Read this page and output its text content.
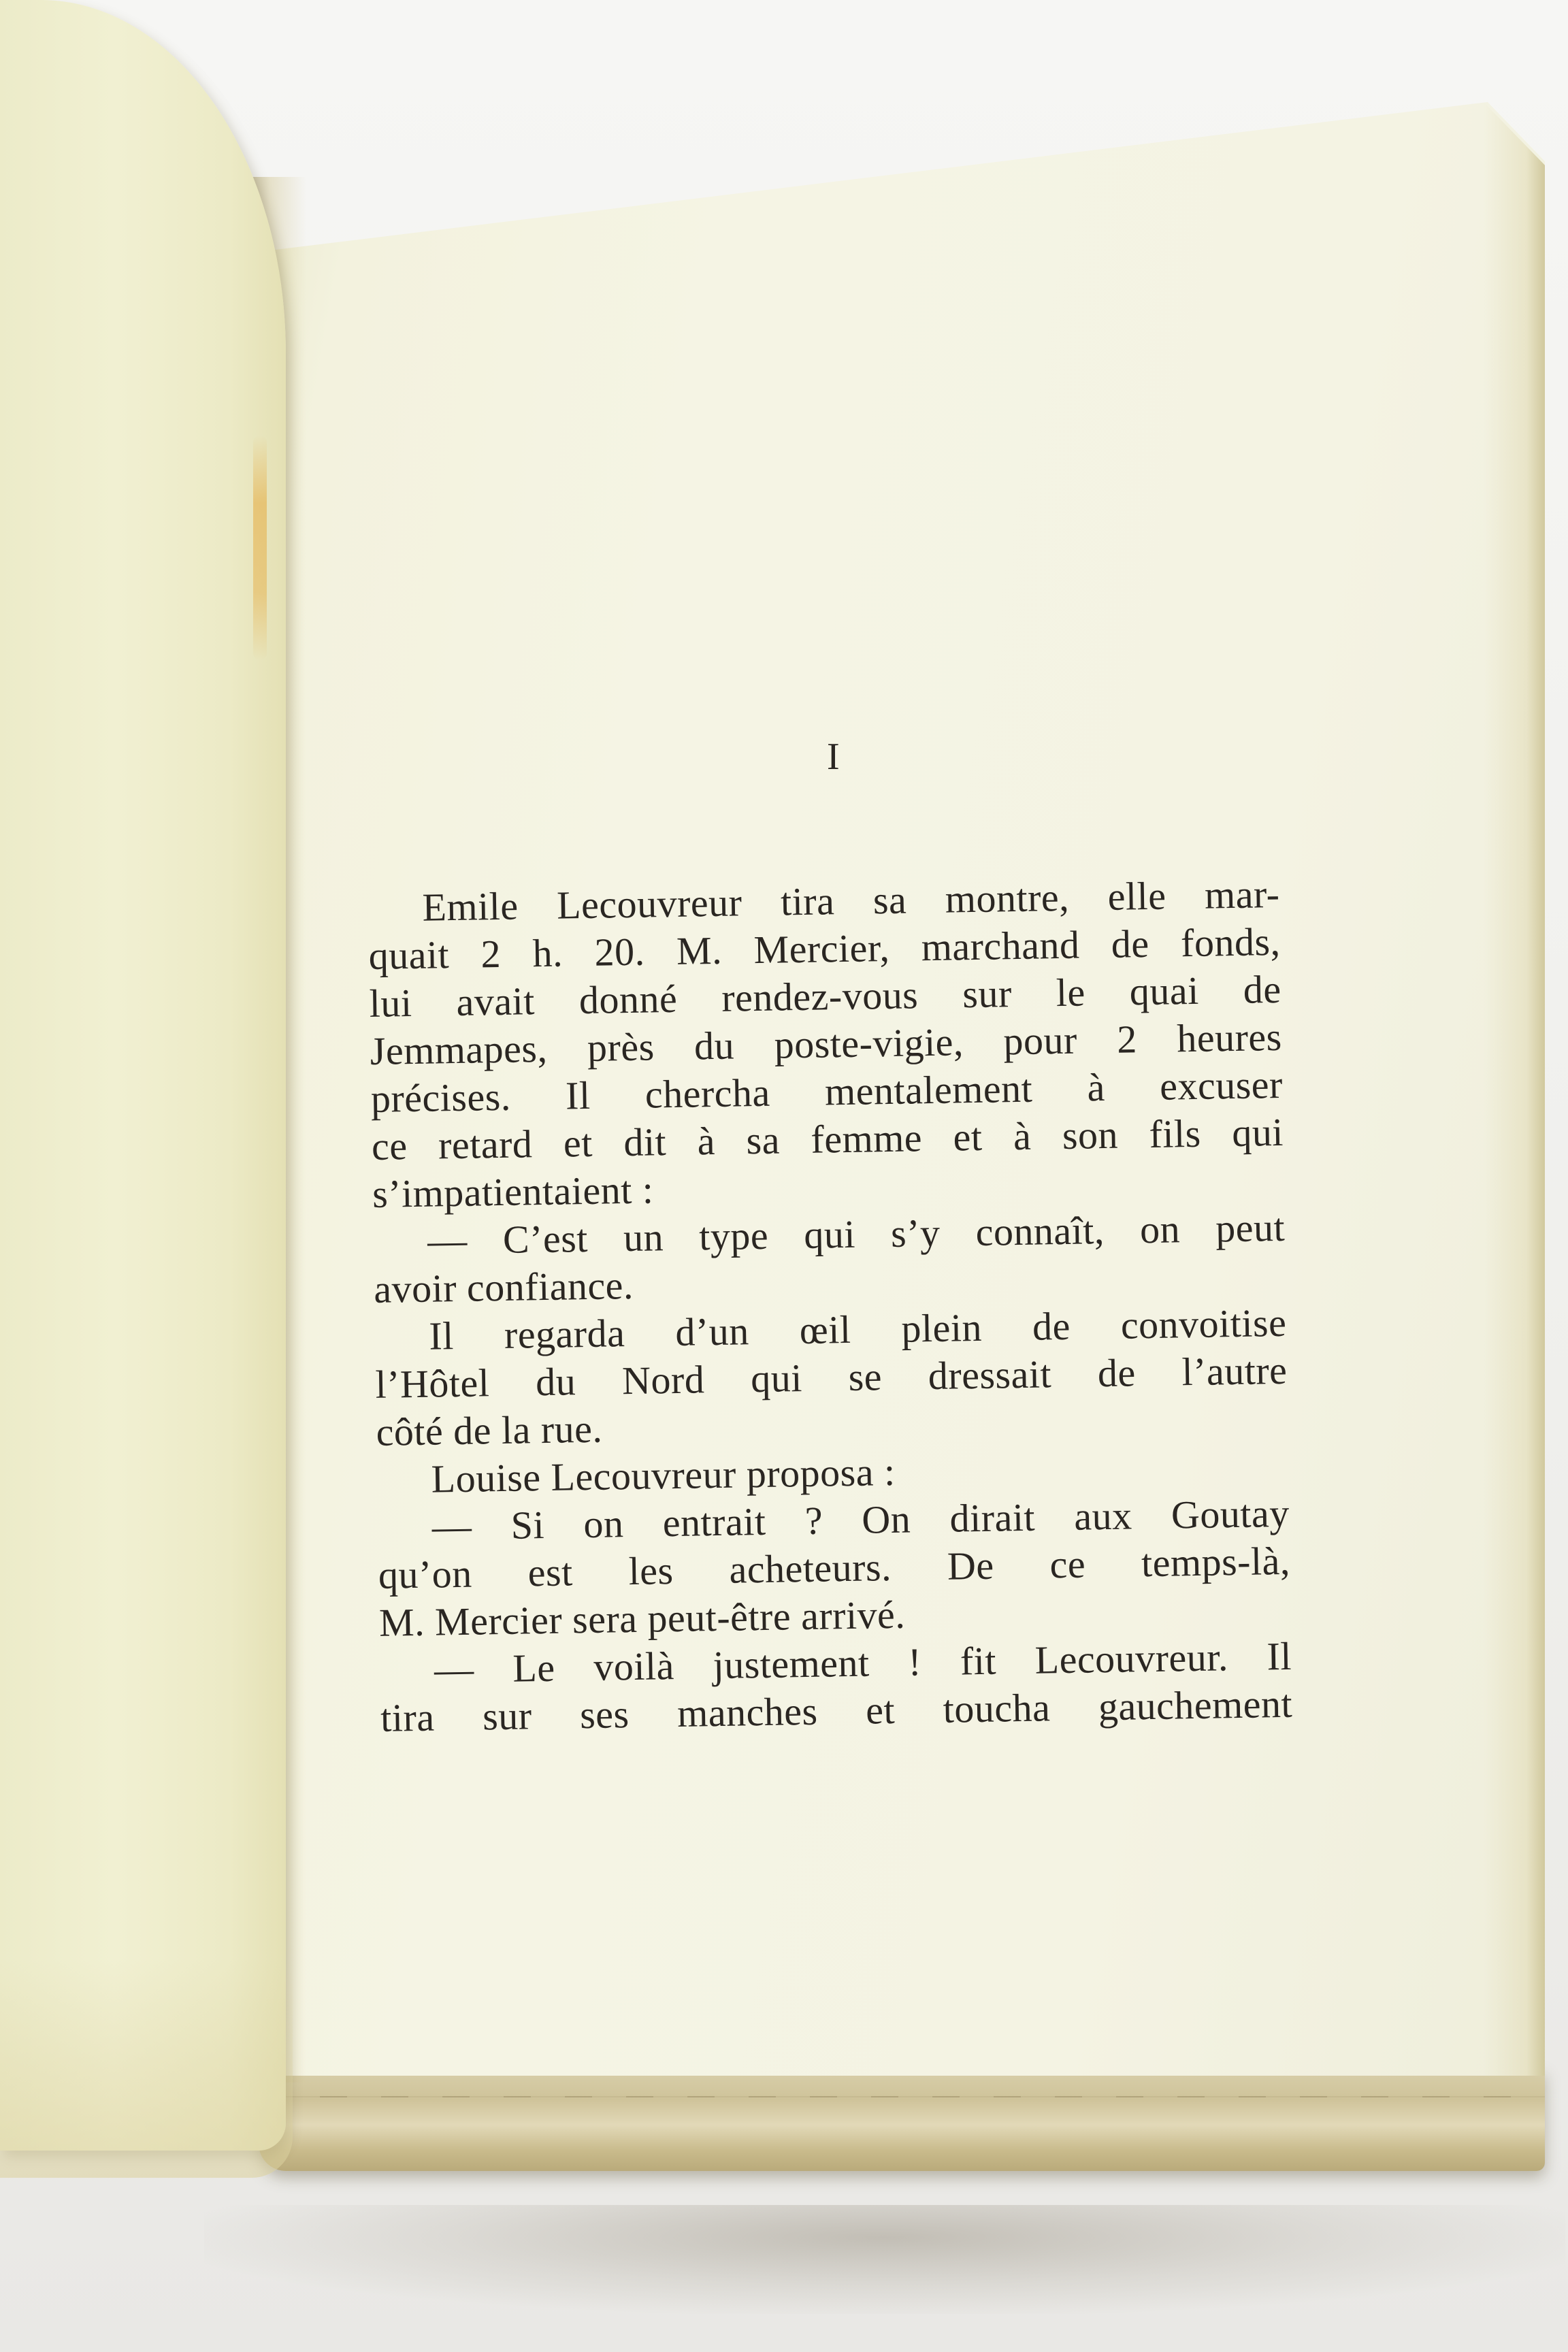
I
Emile Lecouvreur tira sa montre, elle mar-
quait 2 h. 20. M. Mercier, marchand de fonds,
lui avait donné rendez-vous sur le quai de
Jemmapes, près du poste-vigie, pour 2 heures
précises. Il chercha mentalement à excuser
ce retard et dit à sa femme et à son fils qui
s’impatientaient :
— C’est un type qui s’y connaît, on peut
avoir confiance.
Il regarda d’un œil plein de convoitise
l’Hôtel du Nord qui se dressait de l’autre
côté de la rue.
Louise Lecouvreur proposa :
— Si on entrait ? On dirait aux Goutay
qu’on est les acheteurs. De ce temps-là,
M. Mercier sera peut-être arrivé.
— Le voilà justement ! fit Lecouvreur. Il
tira sur ses manches et toucha gauchement
